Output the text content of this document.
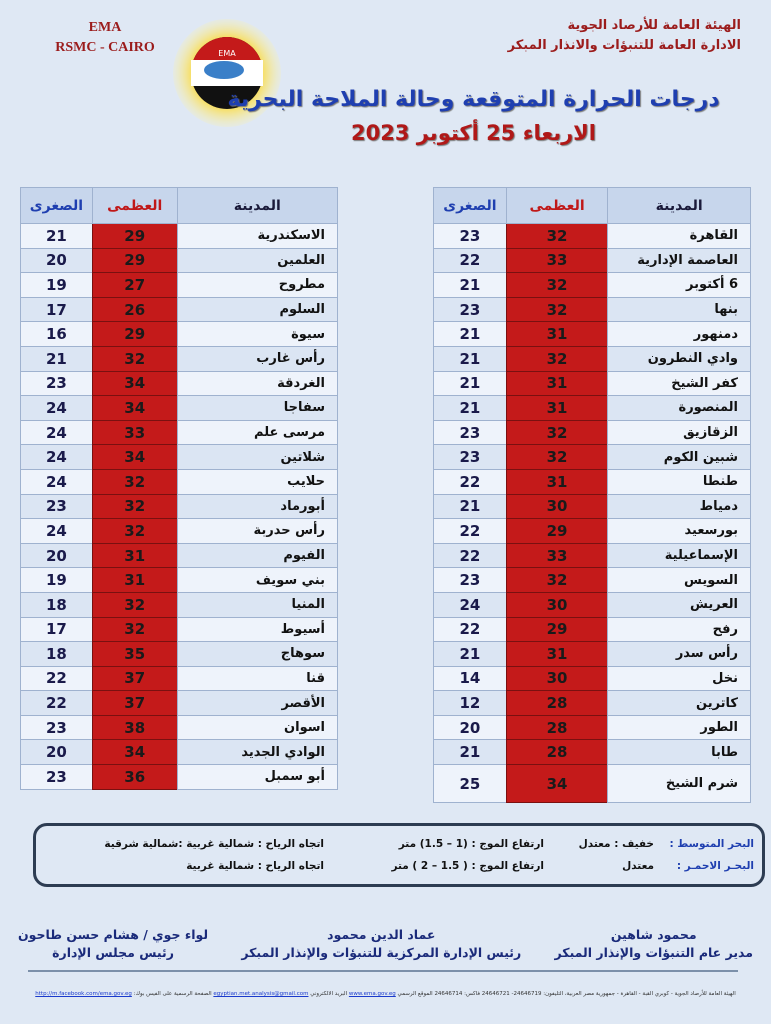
EMA
RSMC - CAIRO	EMA
الهيئة العامة للأرصاد الجوية
الادارة العامة للتنبؤات والانذار المبكر
درجات الحرارة المتوقعة وحالة الملاحة البحرية
الاربعاء 25 أكتوبر 2023
المدينة	العظمى	الصغرى
القاهرة	32	23
العاصمة الإدارية	33	22
6 أكتوبر	32	21
بنها	32	23
دمنهور	31	21
وادي النطرون	32	21
كفر الشيخ	31	21
المنصورة	31	21
الزقازيق	32	23
شبين الكوم	32	23
طنطا	31	22
دمياط	30	21
بورسعيد	29	22
الإسماعيلية	33	22
السويس	32	23
العريش	30	24
رفح	29	22
رأس سدر	31	21
نخل	30	14
كاترين	28	12
الطور	28	20
طابا	28	21
شرم الشيخ	34	25
المدينة	العظمى	الصغرى
الاسكندرية	29	21
العلمين	29	20
مطروح	27	19
السلوم	26	17
سيوة	29	16
رأس غارب	32	21
الغردقة	34	23
سفاجا	34	24
مرسى علم	33	24
شلاتين	34	24
حلايب	32	24
أبورماد	32	23
رأس حدربة	32	24
الفيوم	31	20
بني سويف	31	19
المنيا	32	18
أسيوط	32	17
سوهاج	35	18
قنا	37	22
الأقصر	37	22
اسوان	38	23
الوادي الجديد	34	20
أبو سمبل	36	23
البحر المتوسط :
خفيف : معتدل
ارتفاع الموج : (1 – 1.5) متر
اتجاه الرياح : شمالية غربية :شمالية شرقية
البحـر الاحمـر :
معتدل
ارتفاع الموج : ( 1.5 – 2 ) متر
اتجاه الرياح : شمالية غربية
محمود شاهين
مدير عام التنبؤات والإنذار المبكر
عماد الدين محمود
رئيس الإدارة المركزية للتنبؤات والإنذار المبكر
لواء جوي / هشام حسن طاحون
رئيس مجلس الإدارة
الهيئة العامة للأرصاد الجوية - كوبري القبة - القاهرة - جمهورية مصر العربية، التليفون: 24646719- 24646721 فاكس: 24646714 الموقع الرسمي www.ema.gov.eg البريد الالكتروني egyptian.met.analysis@gmail.com الصفحة الرسمية على الفيس بوك: http://m.facebook.com/ema.gov.eg
